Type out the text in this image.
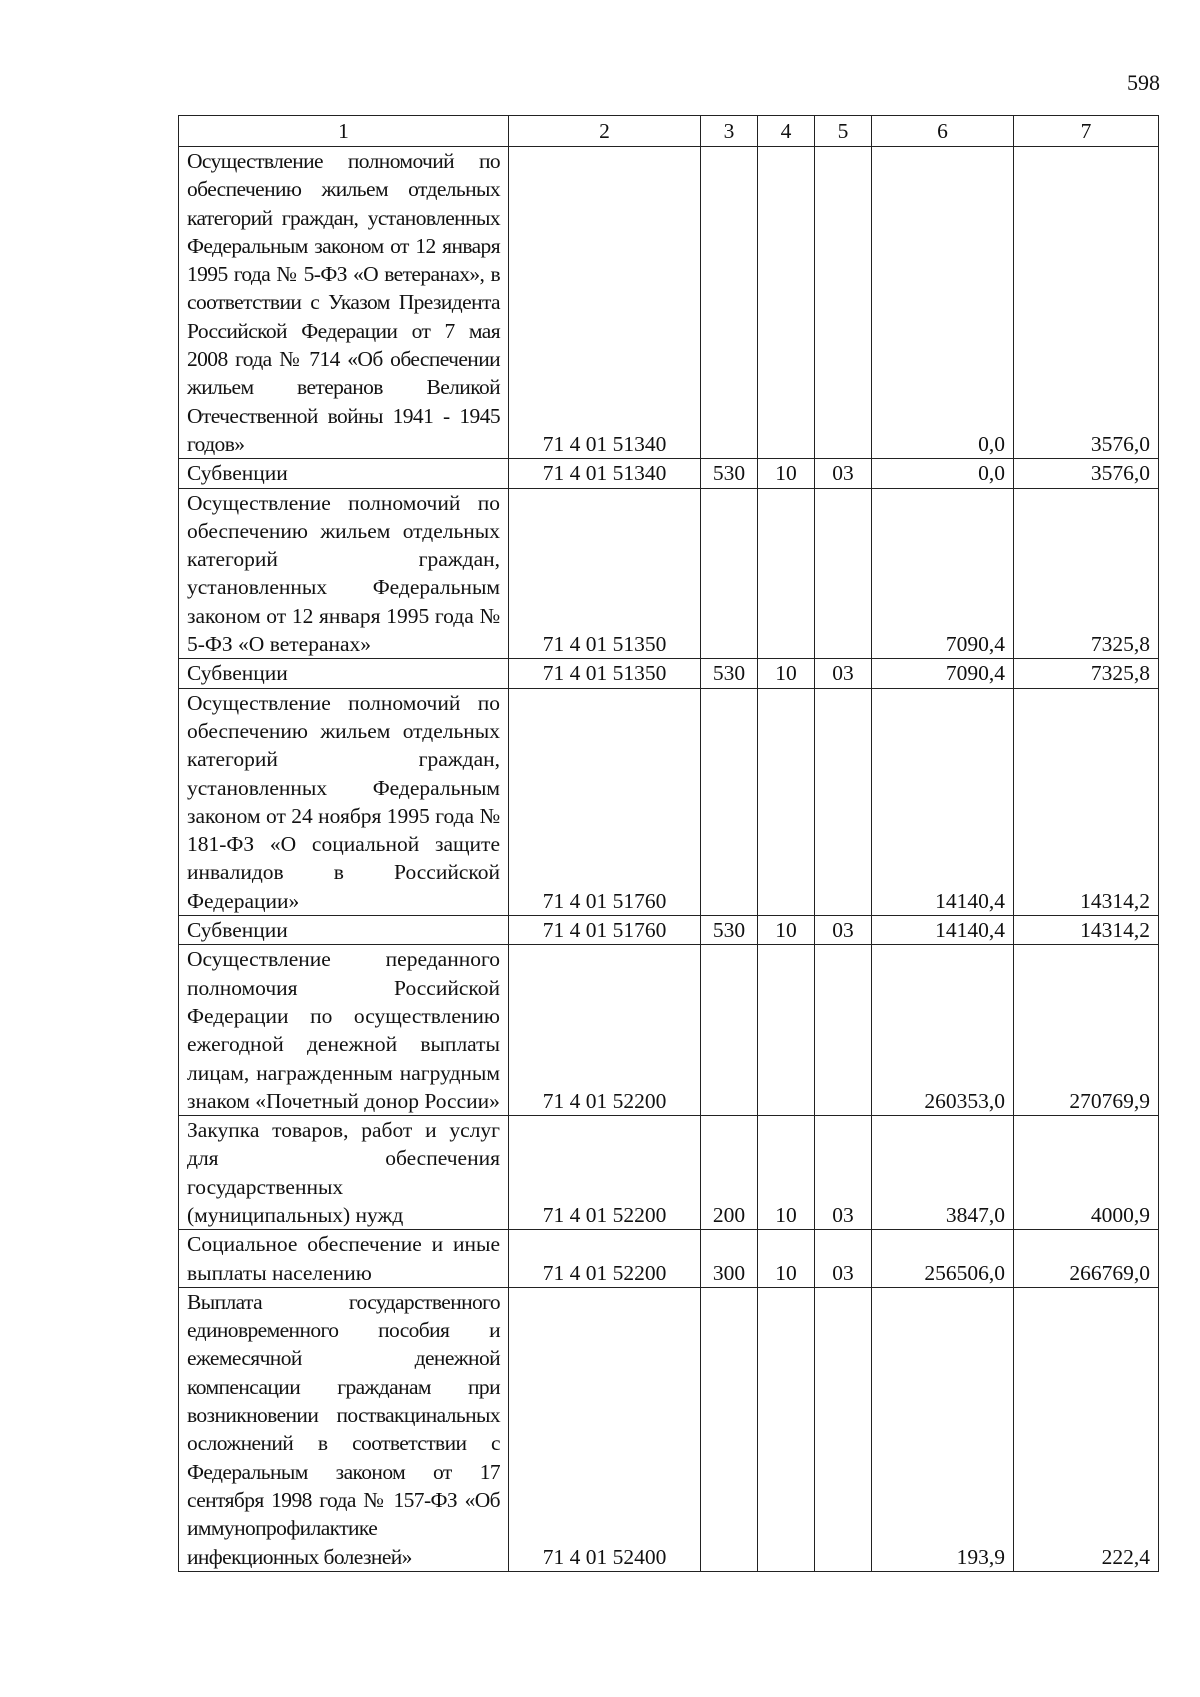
598
1	2	3	4	5	6	7
Осуществление полномочий по обеспечению жильем отдельных категорий граждан, установленных Федеральным законом от 12 января 1995 года № 5-ФЗ «О ветеранах», в соответствии с Указом Президента Российской Федерации от 7 мая 2008 года № 714 «Об обеспечении жильем ветеранов Великой Отечественной войны 1941 - 1945 годов»	71 4 01 51340				0,0	3576,0
Субвенции	71 4 01 51340	530	10	03	0,0	3576,0
Осуществление полномочий по обеспечению жильем отдельных категорий граждан, установленных Федеральным законом от 12 января 1995 года № 5-ФЗ «О ветеранах»	71 4 01 51350				7090,4	7325,8
Субвенции	71 4 01 51350	530	10	03	7090,4	7325,8
Осуществление полномочий по обеспечению жильем отдельных категорий граждан, установленных Федеральным законом от 24 ноября 1995 года № 181-ФЗ «О социальной защите инвалидов в Российской Федерации»	71 4 01 51760				14140,4	14314,2
Субвенции	71 4 01 51760	530	10	03	14140,4	14314,2
Осуществление переданного полномочия Российской Федерации по осуществлению ежегодной денежной выплаты лицам, награжденным нагрудным знаком «Почетный донор России»	71 4 01 52200				260353,0	270769,9
Закупка товаров, работ и услуг для обеспечения государственных (муниципальных) нужд	71 4 01 52200	200	10	03	3847,0	4000,9
Социальное обеспечение и иные выплаты населению	71 4 01 52200	300	10	03	256506,0	266769,0
Выплата государственного единовременного пособия и ежемесячной денежной компенсации гражданам при возникновении поствакцинальных осложнений в соответствии с Федеральным законом от 17 сентября 1998 года № 157-ФЗ «Об иммунопрофилактике инфекционных болезней»	71 4 01 52400				193,9	222,4
